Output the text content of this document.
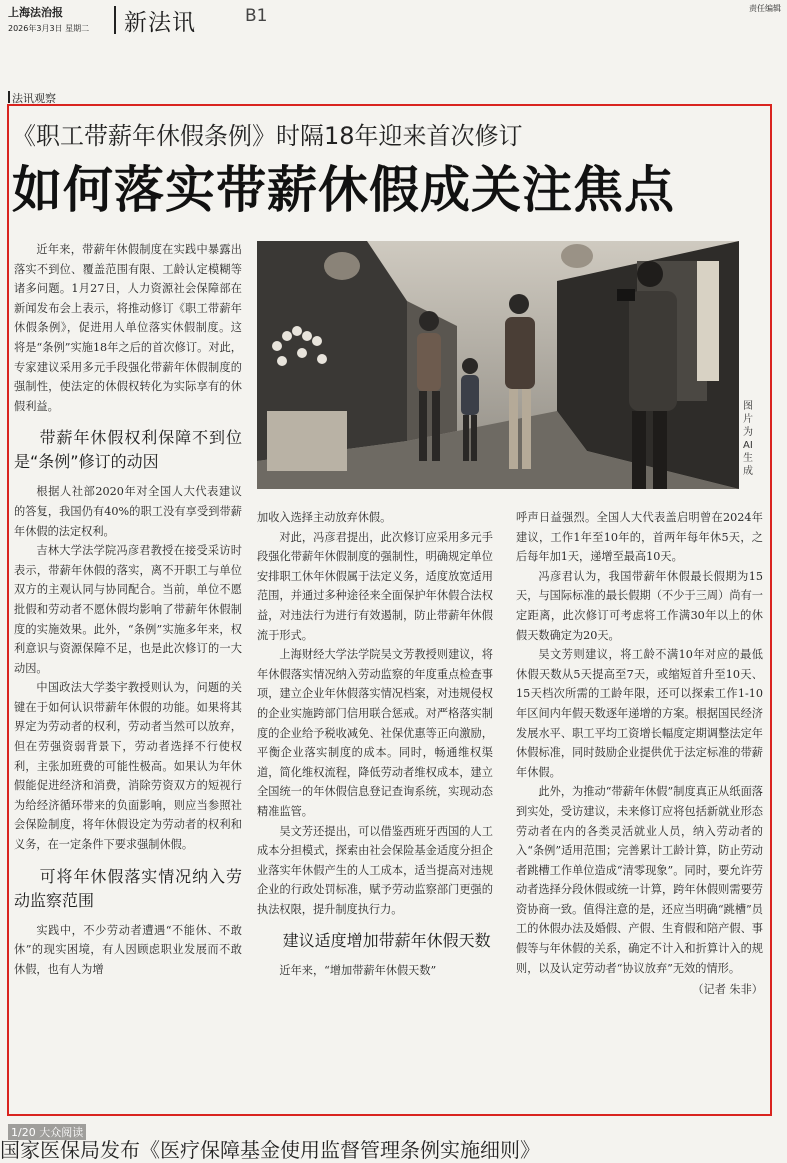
上海法治报
2026年3月3日 星期二 新法讯	B1	责任编辑
法讯观察
《职工带薪年休假条例》时隔18年迎来首次修订
如何落实带薪休假成关注焦点

近年来，带薪年休假制度在实践中暴露出落实不到位、覆盖范围有限、工龄认定模糊等诸多问题。1月27日，人力资源社会保障部在新闻发布会上表示，将推动修订《职工带薪年休假条例》，促进用人单位落实休假制度。这将是“条例”实施18年之后的首次修订。对此，专家建议采用多元手段强化带薪年休假制度的强制性，使法定的休假权转化为实际享有的休假利益。

带薪年休假权利保障不到位是“条例”修订的动因

根据人社部2020年对全国人大代表建议的答复，我国仍有40%的职工没有享受到带薪年休假的法定权利。

吉林大学法学院冯彦君教授在接受采访时表示，带薪年休假的落实，离不开职工与单位双方的主观认同与协同配合。当前，单位不愿批假和劳动者不愿休假均影响了带薪年休假制度的实施效果。此外，“条例”实施多年来，权利意识与资源保障不足，也是此次修订的一大动因。

中国政法大学娄宇教授则认为，问题的关键在于如何认识带薪年休假的功能。如果将其界定为劳动者的权利，劳动者当然可以放弃，但在劳强资弱背景下，劳动者选择不行使权利，主张加班费的可能性极高。如果认为年休假能促进经济和消费，消除劳资双方的短视行为给经济循环带来的负面影响，则应当参照社会保险制度，将年休假设定为劳动者的权利和义务，在一定条件下要求强制休假。

可将年休假落实情况纳入劳动监察范围

实践中，不少劳动者遭遇“不能休、不敢休”的现实困境，有人因顾虑职业发展而不敢休假，也有人为增

图片为AI生成

加收入选择主动放弃休假。

对此，冯彦君提出，此次修订应采用多元手段强化带薪年休假制度的强制性，明确规定单位安排职工休年休假属于法定义务，适度放宽适用范围，并通过多种途径来全面保护年休假合法权益，对违法行为进行有效遏制，防止带薪年休假流于形式。

上海财经大学法学院吴文芳教授则建议，将年休假落实情况纳入劳动监察的年度重点检查事项，建立企业年休假落实情况档案，对违规侵权的企业实施跨部门信用联合惩戒。对严格落实制度的企业给予税收减免、社保优惠等正向激励，平衡企业落实制度的成本。同时，畅通维权渠道，简化维权流程，降低劳动者维权成本，建立全国统一的年休假信息登记查询系统，实现动态精准监管。

吴文芳还提出，可以借鉴西班牙西国的人工成本分担模式，探索由社会保险基金适度分担企业落实年休假产生的人工成本，适当提高对违规企业的行政处罚标准，赋予劳动监察部门更强的执法权限，提升制度执行力。

建议适度增加带薪年休假天数

近年来，“增加带薪年休假天数”

呼声日益强烈。全国人大代表盖启明曾在2024年建议，工作1年至10年的，首两年每年休5天，之后每年加1天，递增至最高10天。

冯彦君认为，我国带薪年休假最长假期为15天，与国际标准的最长假期（不少于三周）尚有一定距离，此次修订可考虑将工作满30年以上的休假天数确定为20天。

吴文芳则建议，将工龄不满10年对应的最低休假天数从5天提高至7天，或缩短首升至10天、15天档次所需的工龄年限，还可以探索工作1-10年区间内年假天数逐年递增的方案。根据国民经济发展水平、职工平均工资增长幅度定期调整法定年休假标准，同时鼓励企业提供优于法定标准的带薪年休假。

此外，为推动“带薪年休假”制度真正从纸面落到实处，受访建议，未来修订应将包括新就业形态劳动者在内的各类灵活就业人员，纳入劳动者的入“条例”适用范围；完善累计工龄计算，防止劳动者跳槽工作单位造成“清零现象”。同时，要允许劳动者选择分段休假或统一计算，跨年休假则需要劳资协商一致。值得注意的是，还应当明确“跳槽”员工的休假办法及婚假、产假、生育假和陪产假、事假等与年休假的关系，确定不计入和折算计入的规则，以及认定劳动者“协议放弃”无效的情形。

（记者 朱非）
国家医保局发布《医疗保障基金使用监督管理条例实施细则》
1/20 大众阅读
